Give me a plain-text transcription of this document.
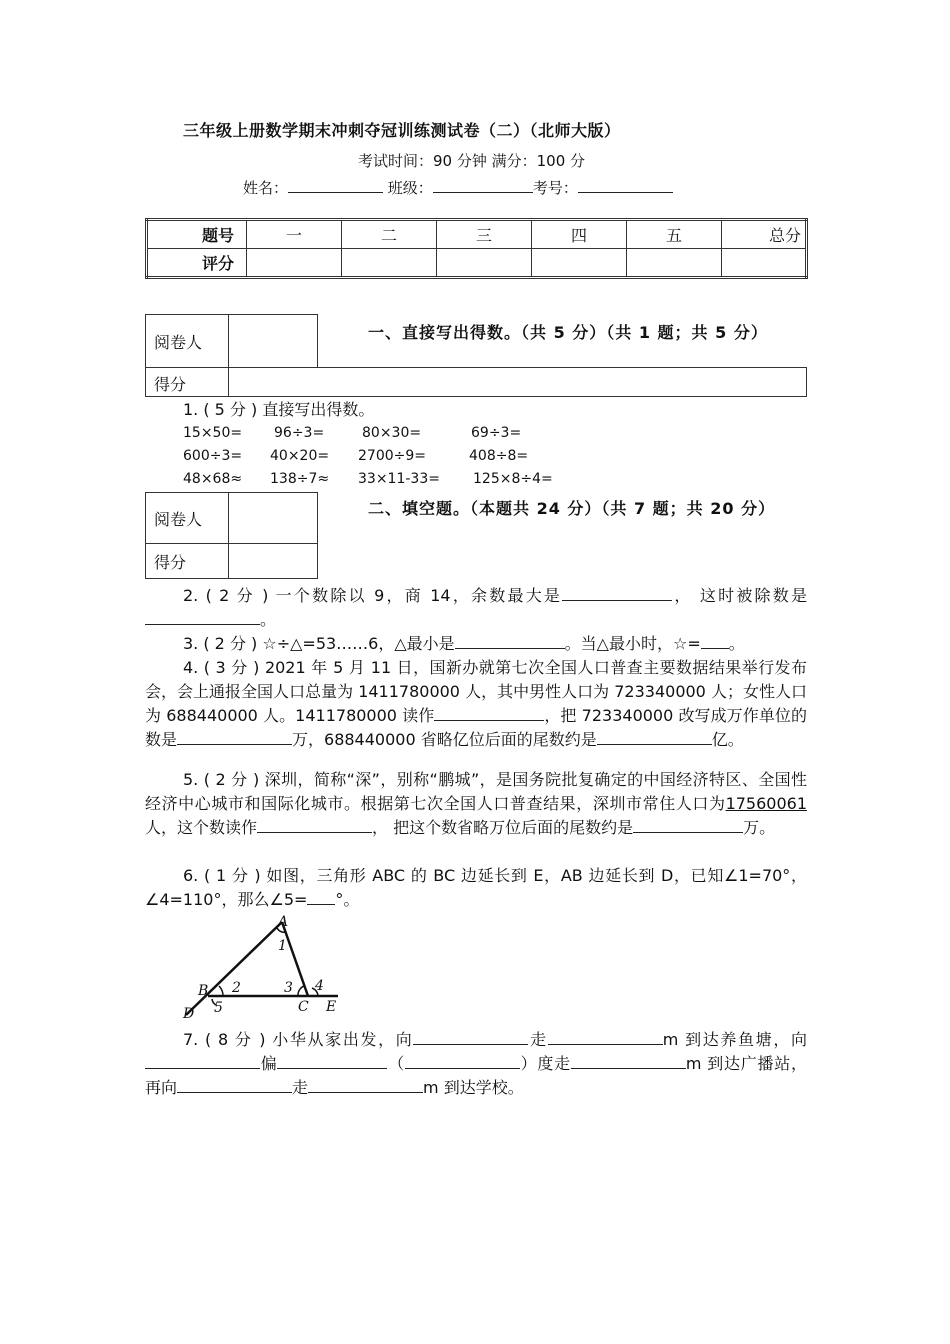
三年级上册数学期末冲刺夺冠训练测试卷（二）（北师大版）
考试时间：90 分钟 满分：100 分
姓名：	班级：	考号：
题号	一	二	三	四	五	总分
评分						
阅卷人	
得分
一、直接写出得数。（共 5 分）（共 1 题；共 5 分）
1. ( 5 分 ) 直接写出得数。
15×50= 96÷3=	80×30=	69÷3=
600÷3= 40×20= 2700÷9=	408÷8=
48×68≈ 138÷7≈ 33×11-33= 125×8÷4=
阅卷人	
得分	
二、填空题。（本题共 24 分）（共 7 题；共 20 分）
2. ( 2 分 ) 一个数除以 9，商 14，余数最大是	， 这时被除数是。
3. ( 2 分 ) ☆÷△=53……6，△最小是	。当△最小时，☆= 。
4. ( 3 分 ) 2021 年 5 月 11 日，国新办就第七次全国人口普查主要数据结果举行发布会，会上通报全国人口总量为 1411780000 人，其中男性人口为 723340000 人；女性人口为 688440000 人。1411780000 读作	，把 723340000 改写成万作单位的数是	万，688440000 省略亿位后面的尾数约是	亿。
5. ( 2 分 ) 深圳，简称“深”，别称“鹏城”，是国务院批复确定的中国经济特区、全国性经济中心城市和国际化城市。根据第七次全国人口普查结果，深圳市常住人口为17560061人，这个数读作	， 把这个数省略万位后面的尾数约是	万。
6. ( 1 分 ) 如图，三角形 ABC 的 BC 边延长到 E，AB 边延长到 D，已知∠1=70°，∠4=110°，那么∠5= °。
A
B
C
D	E
1
2	3 4
5
7. ( 8 分 ) 小华从家出发，向	走	m 到达养鱼塘，向偏	（	）度走	m 到达广播站，再向	走	m 到达学校。
